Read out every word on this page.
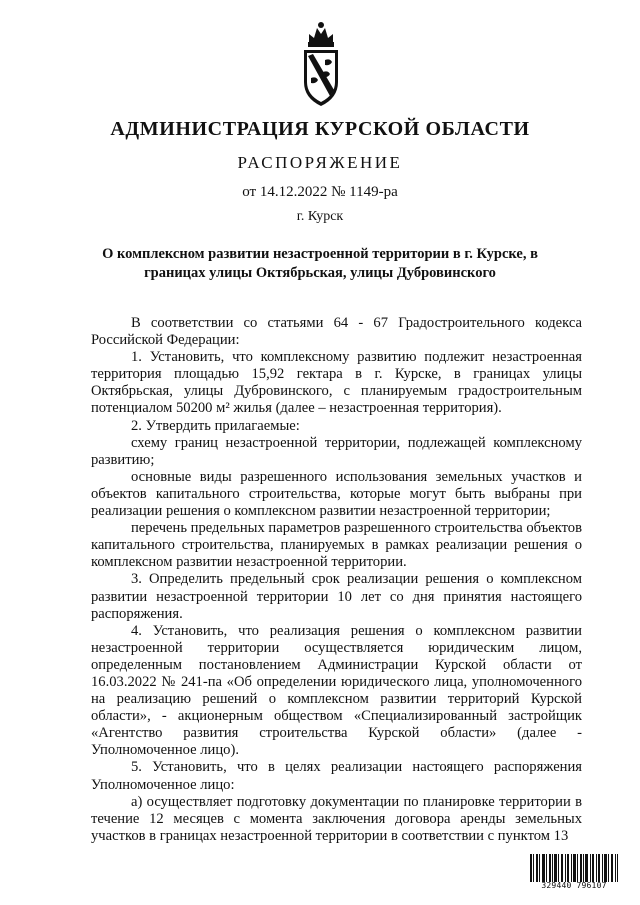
АДМИНИСТРАЦИЯ КУРСКОЙ ОБЛАСТИ
РАСПОРЯЖЕНИЕ
от 14.12.2022 № 1149-ра
г. Курск
О комплексном развитии незастроенной территории в г. Курске, в границах улицы Октябрьская, улицы Дубровинского

В соответствии со статьями 64 - 67 Градостроительного кодекса Российской Федерации:

1. Установить, что комплексному развитию подлежит незастроенная территория площадью 15,92 гектара в г. Курске, в границах улицы Октябрьская, улицы Дубровинского, с планируемым градостроительным потенциалом 50200 м² жилья (далее – незастроенная территория).

2. Утвердить прилагаемые:

схему границ незастроенной территории, подлежащей комплексному развитию;

основные виды разрешенного использования земельных участков и объектов капитального строительства, которые могут быть выбраны при реализации решения о комплексном развитии незастроенной территории;

перечень предельных параметров разрешенного строительства объектов капитального строительства, планируемых в рамках реализации решения о комплексном развитии незастроенной территории.

3. Определить предельный срок реализации решения о комплексном развитии незастроенной территории 10 лет со дня принятия настоящего распоряжения.

4. Установить, что реализация решения о комплексном развитии незастроенной территории осуществляется юридическим лицом, определенным постановлением Администрации Курской области от 16.03.2022 № 241-па «Об определении юридического лица, уполномоченного на реализацию решений о комплексном развитии территорий Курской области», - акционерным обществом «Специализированный застройщик «Агентство развития строительства Курской области» (далее - Уполномоченное лицо).

5. Установить, что в целях реализации настоящего распоряжения Уполномоченное лицо:

а) осуществляет подготовку документации по планировке территории в течение 12 месяцев с момента заключения договора аренды земельных участков в границах незастроенной территории в соответствии с пунктом 13

329440 796107
